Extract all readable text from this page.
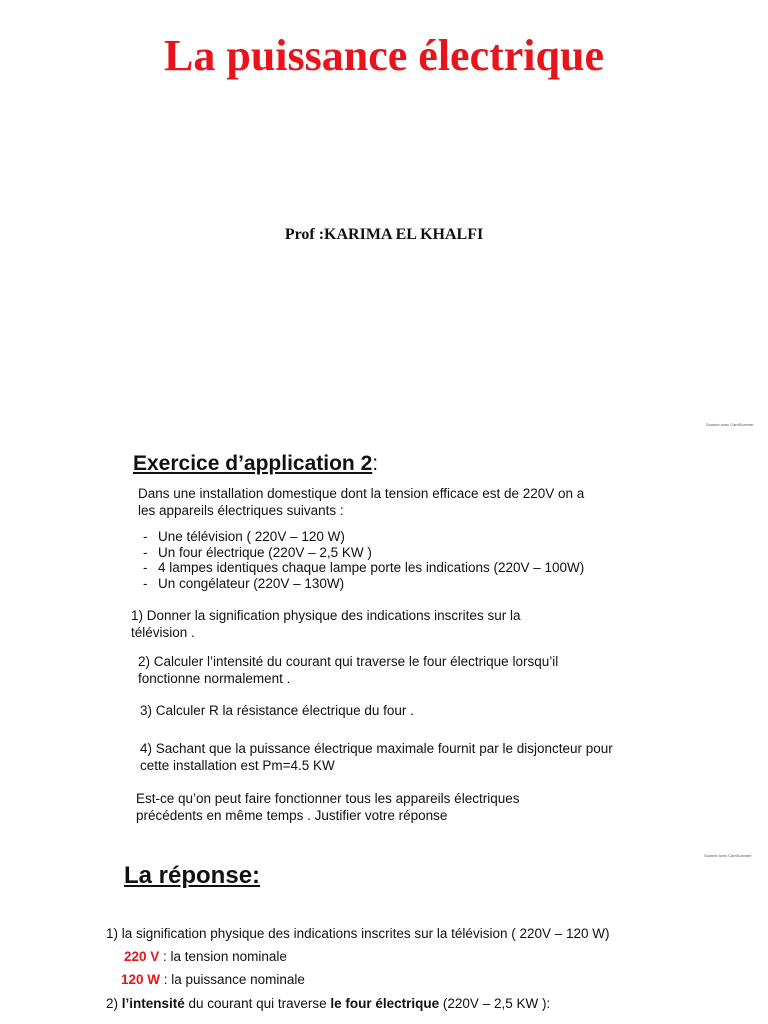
La puissance électrique
Prof :KARIMA EL KHALFI
Scanné avec CamScanner
Exercice d’application 2:
Dans une installation domestique dont la tension efficace est de 220V on a
les appareils électriques suivants :
- Une télévision ( 220V – 120 W)
- Un four électrique (220V – 2,5 KW )
- 4 lampes identiques chaque lampe porte les indications (220V – 100W)
- Un congélateur (220V – 130W)
1) Donner la signification physique des indications inscrites sur la
télévision .
2) Calculer l’intensité du courant qui traverse le four électrique lorsqu’il
fonctionne normalement .
3) Calculer R la résistance électrique du four .
4) Sachant que la puissance électrique maximale fournit par le disjoncteur pour
cette installation est Pm=4.5 KW
Est-ce qu’on peut faire fonctionner tous les appareils électriques
précédents en même temps . Justifier votre réponse
Scanné avec CamScanner
La réponse:
1) la signification physique des indications inscrites sur la télévision ( 220V – 120 W)
220 V : la tension nominale
120 W : la puissance nominale
2) l’intensité du courant qui traverse le four électrique (220V – 2,5 KW ):
